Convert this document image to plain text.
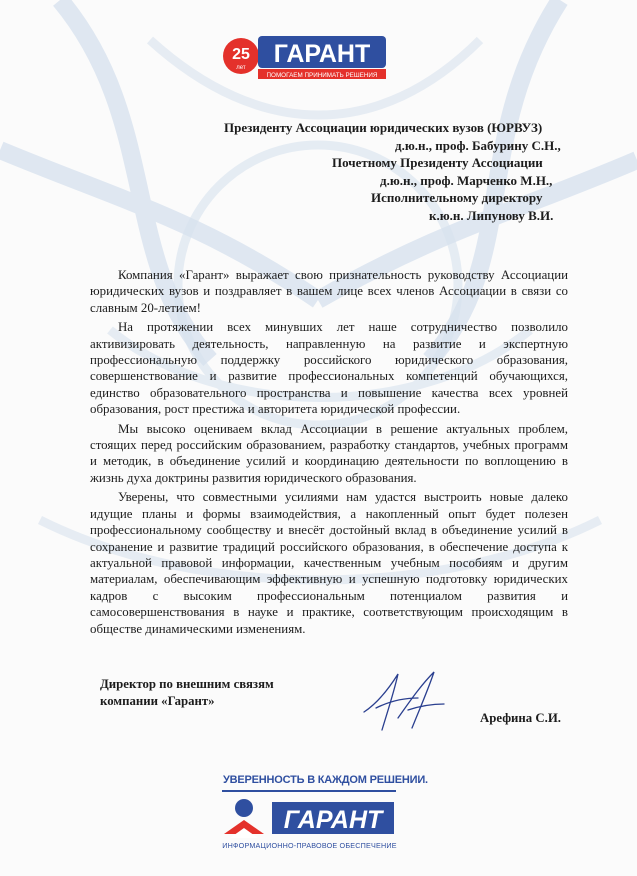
25
лет ГАРАНТ
ПОМОГАЕМ ПРИНИМАТЬ РЕШЕНИЯ
Президенту Ассоциации юридических вузов (ЮРВУЗ)
д.ю.н., проф. Бабурину С.Н.,
Почетному Президенту Ассоциации
д.ю.н., проф. Марченко М.Н.,
Исполнительному директору
к.ю.н. Липунову В.И.

Компания «Гарант» выражает свою признательность руководству Ассоциации юридических вузов и поздравляет в вашем лице всех членов Ассоциации в связи со славным 20-летием!

На протяжении всех минувших лет наше сотрудничество позволило активизировать деятельность, направленную на развитие и экспертную профессиональную поддержку российского юридического образования, совершенствование и развитие профессиональных компетенций обучающихся, единство образовательного пространства и повышение качества всех уровней образования, рост престижа и авторитета юридической профессии.

Мы высоко оцениваем вклад Ассоциации в решение актуальных проблем, стоящих перед российским образованием, разработку стандартов, учебных программ и методик, в объединение усилий и координацию деятельности по воплощению в жизнь духа доктрины развития юридического образования.

Уверены, что совместными усилиями нам удастся выстроить новые далеко идущие планы и формы взаимодействия, а накопленный опыт будет полезен профессиональному сообществу и внесёт достойный вклад в объединение усилий в сохранение и развитие традиций российского образования, в обеспечение доступа к актуальной правовой информации, качественным учебным пособиям и другим материалам, обеспечивающим эффективную и успешную подготовку юридических кадров с высоким профессиональным потенциалом развития и самосовершенствования в науке и практике, соответствующим происходящим в обществе динамическими изменениям.

Директор по внешним связям
компании «Гарант»
Арефина С.И.
УВЕРЕННОСТЬ В КАЖДОМ РЕШЕНИИ.
ГАРАНТ
ИНФОРМАЦИОННО-ПРАВОВОЕ ОБЕСПЕЧЕНИЕ
